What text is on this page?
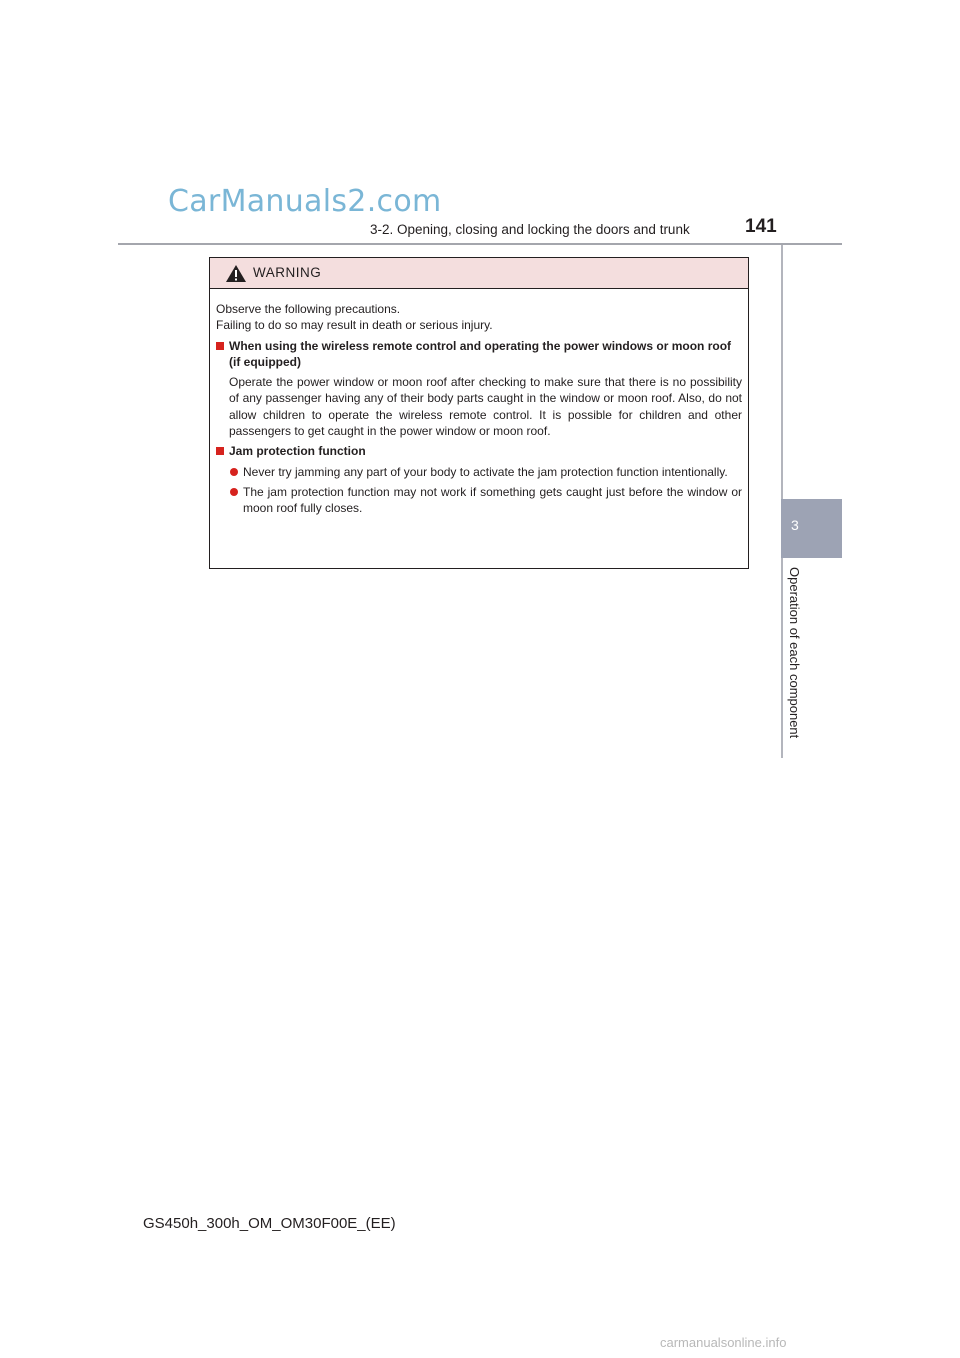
CarManuals2.com
3-2. Opening, closing and locking the doors and trunk	141
3
Operation of each component
WARNING

Observe the following precautions.

Failing to do so may result in death or serious injury.

When using the wireless remote control and operating the power windows or moon roof (if equipped)

Operate the power window or moon roof after checking to make sure that there is no possibility of any passenger having any of their body parts caught in the window or moon roof. Also, do not allow children to operate the wireless remote control. It is possible for children and other passengers to get caught in the power window or moon roof.

Jam protection function

Never try jamming any part of your body to activate the jam protection function intentionally.

The jam protection function may not work if something gets caught just before the window or moon roof fully closes.

GS450h_300h_OM_OM30F00E_(EE)
carmanualsonline.info
